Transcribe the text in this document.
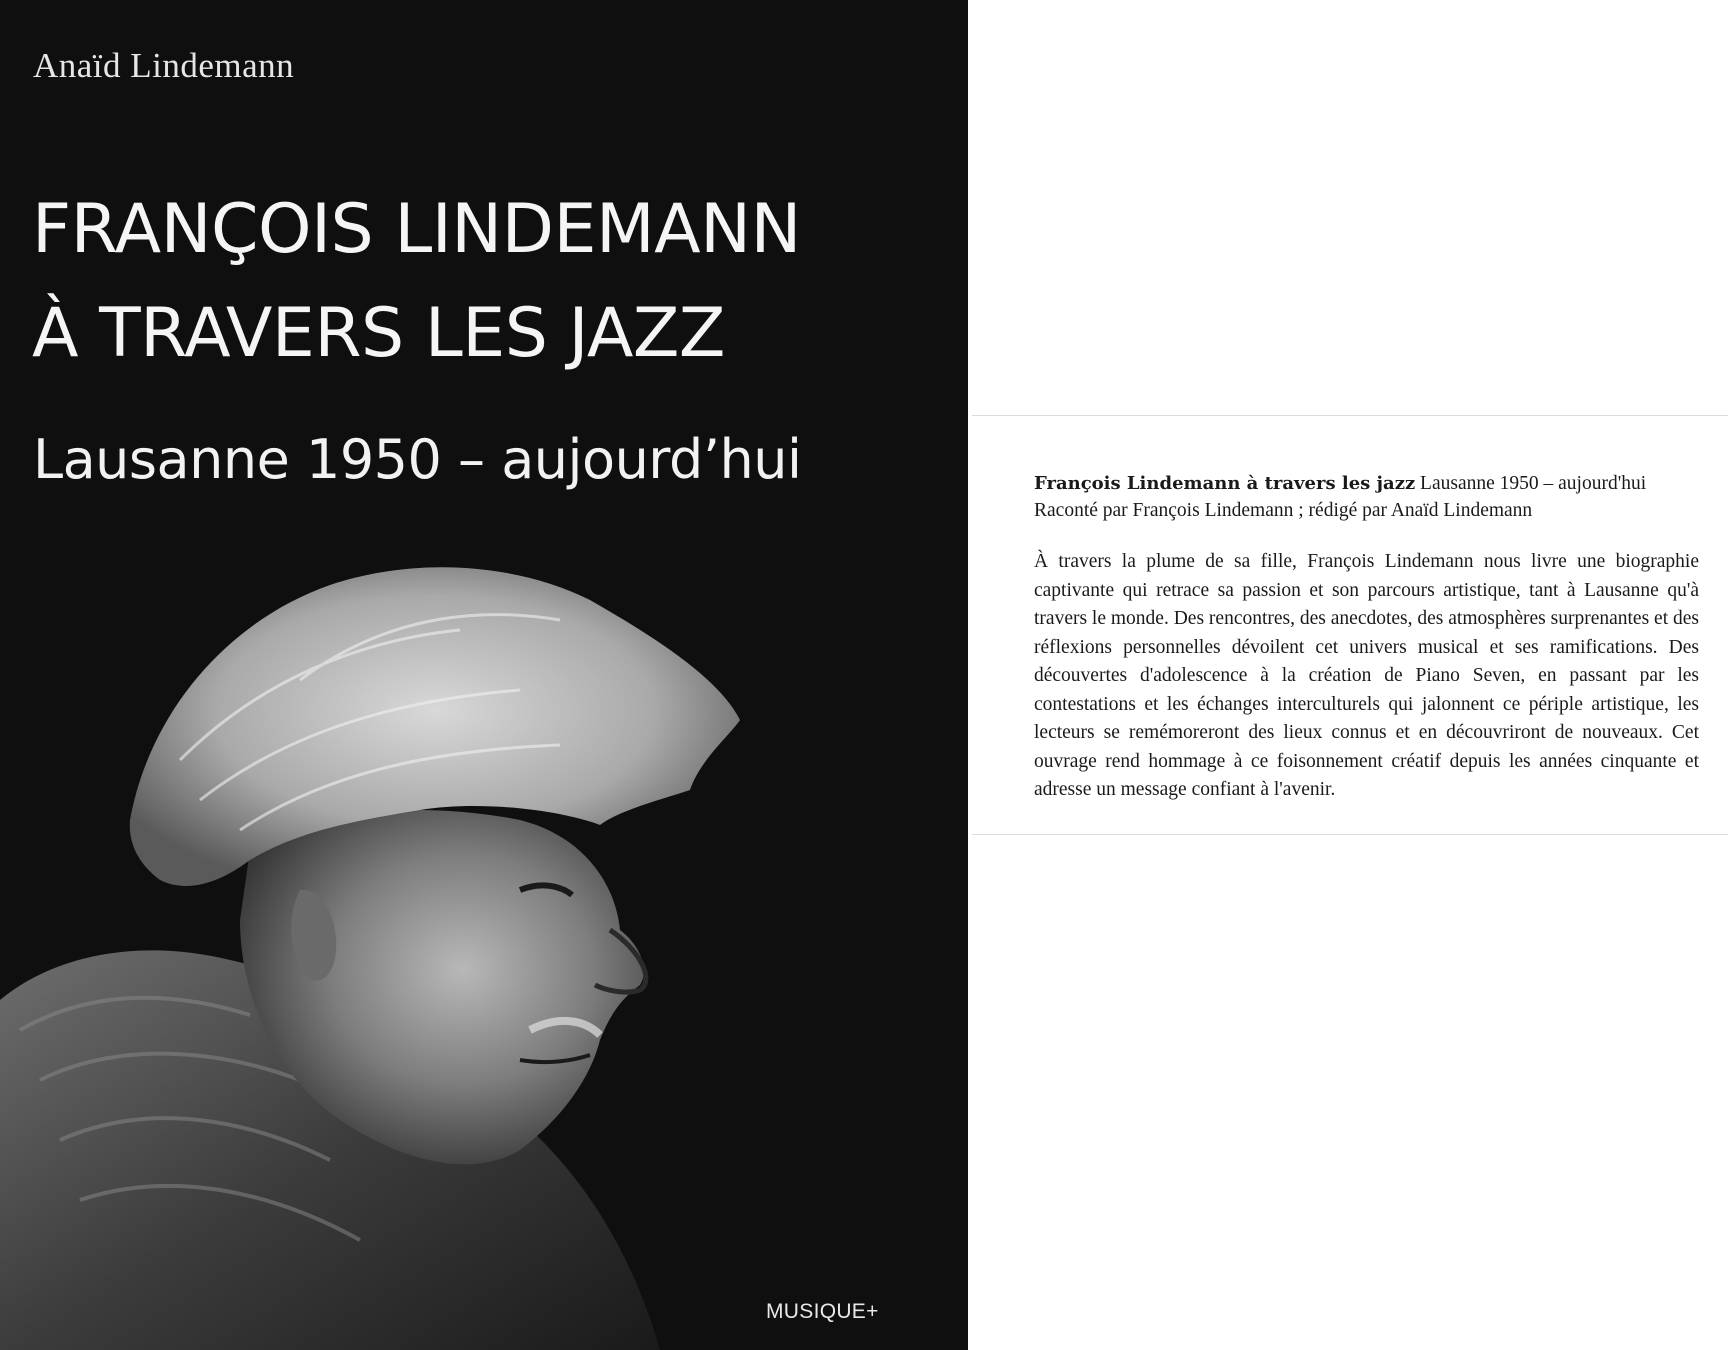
Anaïd Lindemann
FRANÇOIS LINDEMANN
À TRAVERS LES JAZZ
Lausanne 1950 – aujourd’hui
MUSIQUE+
François Lindemann à travers les jazz Lausanne 1950 – aujourd'hui
Raconté par François Lindemann ; rédigé par Anaïd Lindemann

À travers la plume de sa fille, François Lindemann nous livre une biographie captivante qui retrace sa passion et son parcours artistique, tant à Lausanne qu'à travers le monde. Des rencontres, des anecdotes, des atmosphères surprenantes et des réflexions personnelles dévoilent cet univers musical et ses ramifications. Des découvertes d'adolescence à la création de Piano Seven, en passant par les contestations et les échanges interculturels qui jalonnent ce périple artistique, les lecteurs se remémoreront des lieux connus et en découvriront de nouveaux. Cet ouvrage rend hommage à ce foisonnement créatif depuis les années cinquante et adresse un message confiant à l'avenir.
